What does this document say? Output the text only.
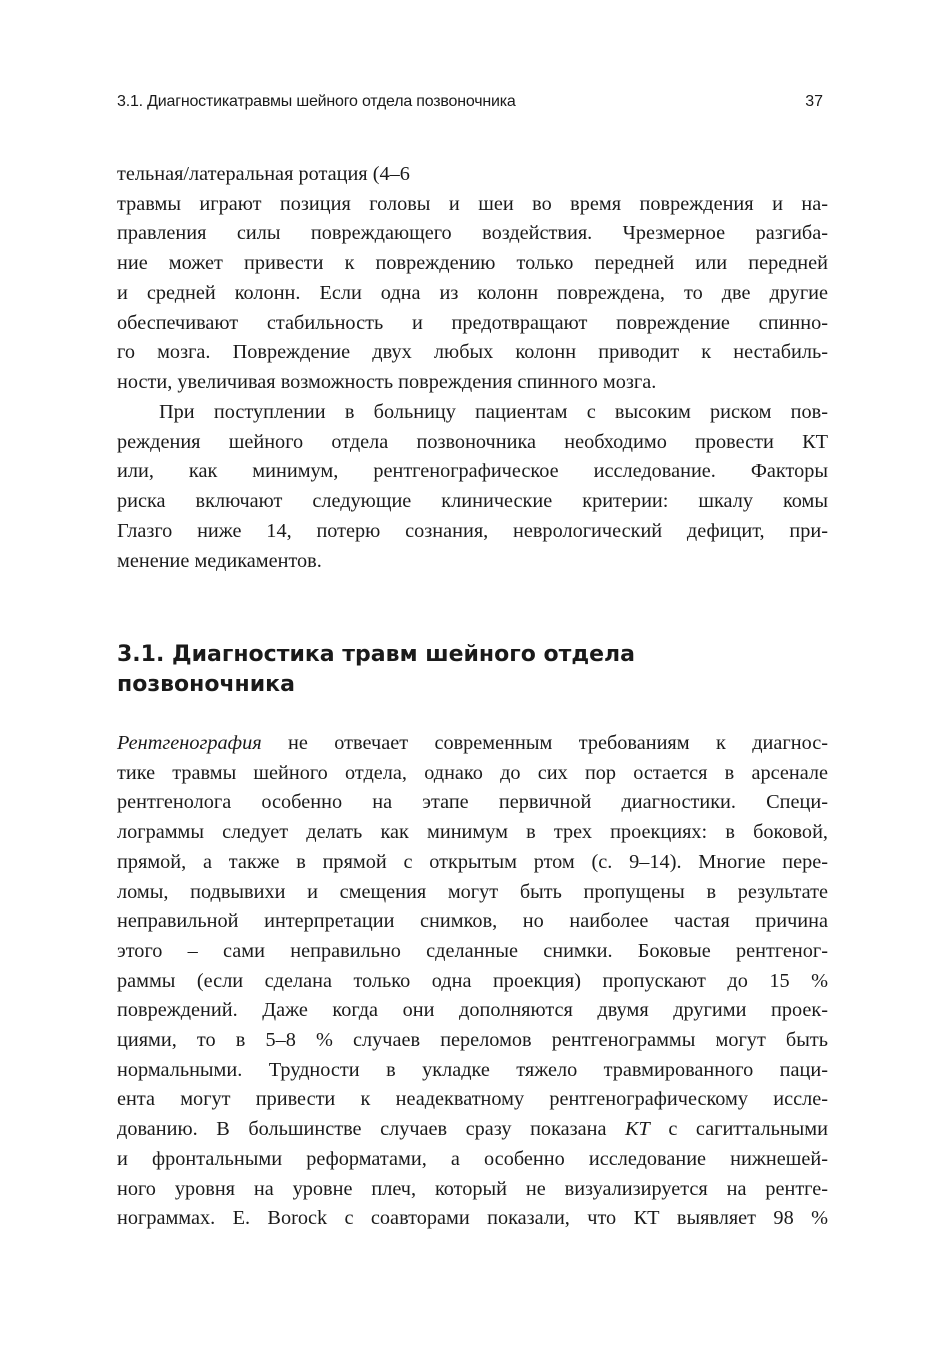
3.1. Диагностикатравмы шейного отдела позвоночника	37
тельная/латеральная ротация (4–6
травмы играют позиция головы и шеи во время повреждения и на-
правления силы повреждающего воздействия. Чрезмерное разгиба-
ние может привести к повреждению только передней или передней
и средней колонн. Если одна из колонн повреждена, то две другие
обеспечивают стабильность и предотвращают повреждение спинно-
го мозга. Повреждение двух любых колонн приводит к нестабиль-
ности, увеличивая возможность повреждения спинного мозга.
При поступлении в больницу пациентам с высоким риском пов-
реждения шейного отдела позвоночника необходимо провести КТ
или, как минимум, рентгенографическое исследование. Факторы
риска включают следующие клинические критерии: шкалу комы
Глазго ниже 14, потерю сознания, неврологический дефицит, при-
менение медикаментов.
3.1. Диагностика травм шейного отдела
позвоночника
Рентгенография не отвечает современным требованиям к диагнос-
тике травмы шейного отдела, однако до сих пор остается в арсенале
рентгенолога особенно на этапе первичной диагностики. Специ-
лограммы следует делать как минимум в трех проекциях: в боковой,
прямой, а также в прямой с открытым ртом (с. 9–14). Многие пере-
ломы, подвывихи и смещения могут быть пропущены в результате
неправильной интерпретации снимков, но наиболее частая причина
этого – сами неправильно сделанные снимки. Боковые рентгеног-
раммы (если сделана только одна проекция) пропускают до 15 %
повреждений. Даже когда они дополняются двумя другими проек-
циями, то в 5–8 % случаев переломов рентгенограммы могут быть
нормальными. Трудности в укладке тяжело травмированного паци-
ента могут привести к неадекватному рентгенографическому иссле-
дованию. В большинстве случаев сразу показана КТ с сагиттальными
и фронтальными реформатами, а особенно исследование нижнешей-
ного уровня на уровне плеч, который не визуализируется на рентге-
нограммах. E. Borock с соавторами показали, что КТ выявляет 98 %
